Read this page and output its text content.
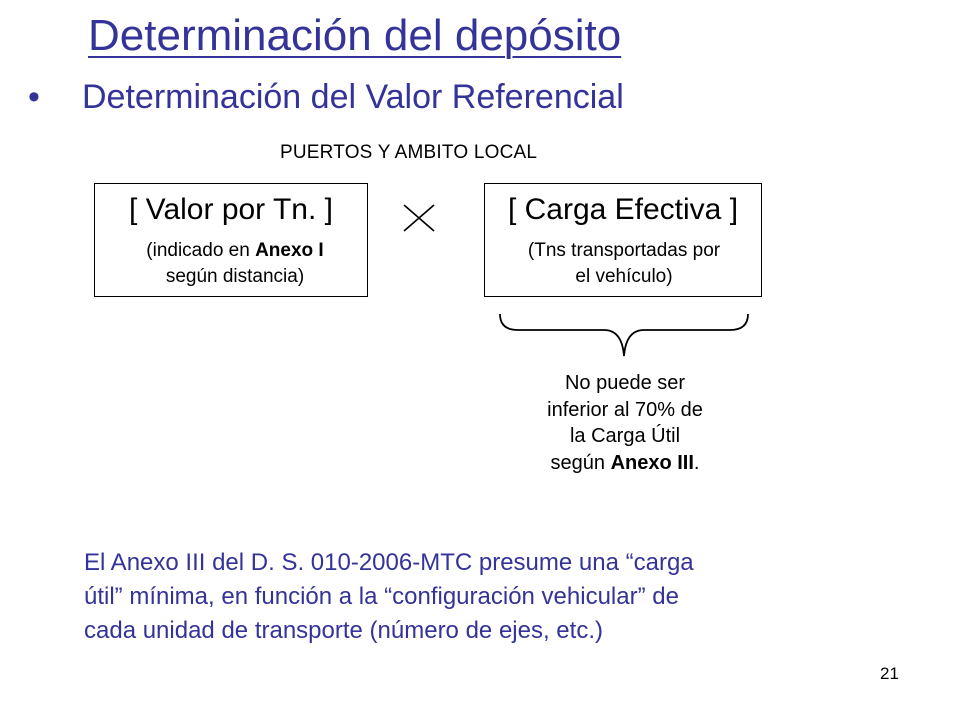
Determinación del depósito
• Determinación del Valor Referencial
PUERTOS Y AMBITO LOCAL
[ Valor por Tn. ]
(indicado en Anexo I
según distancia)
[ Carga Efectiva ]
(Tns transportadas por
el vehículo)
No puede ser
inferior al 70% de
la Carga Útil
según Anexo III.
El Anexo III del D. S. 010-2006-MTC presume una “carga
útil” mínima, en función a la “configuración vehicular” de
cada unidad de transporte (número de ejes, etc.)
21
